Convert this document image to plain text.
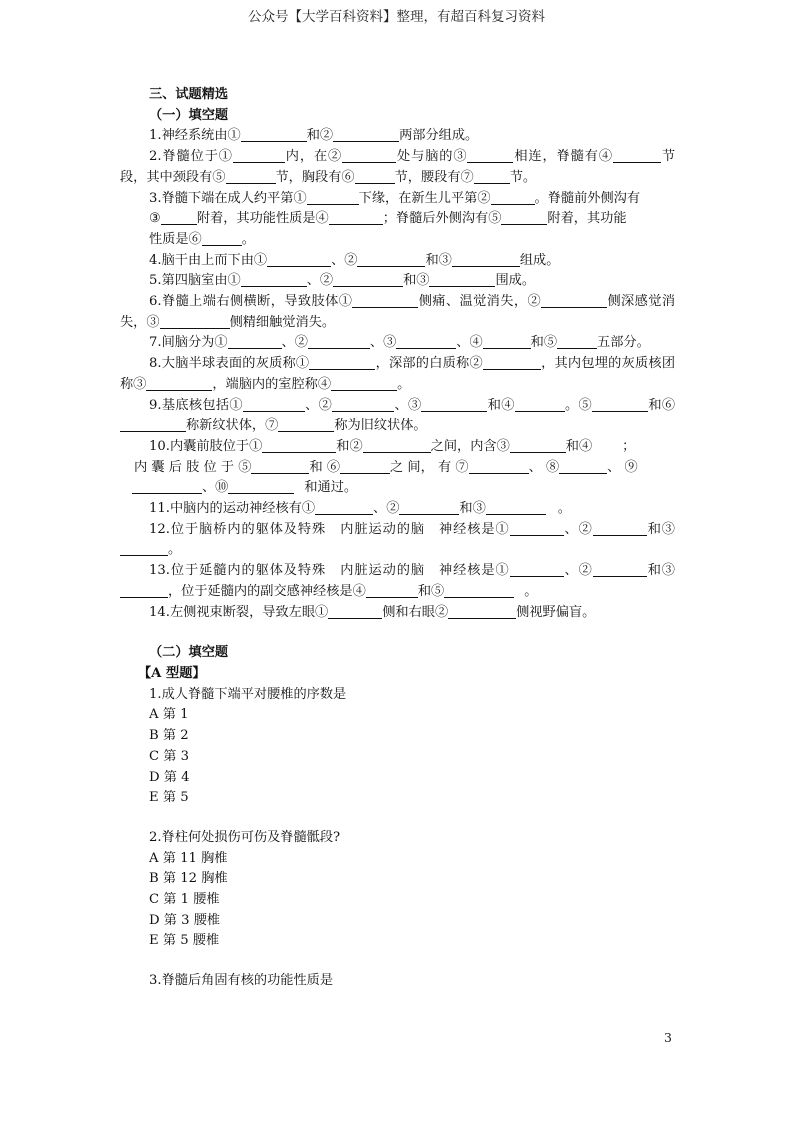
公众号【大学百科资料】整理，有超百科复习资料
三、试题精选
（一）填空题
1.神经系统由①	和②	两部分组成。
2.脊髓位于①	内，在②	处与脑的③	相连，脊髓有④	节段，其中颈段有⑤	节，胸段有⑥	节，腰段有⑦	节。
3.脊髓下端在成人约平第①	下缘，在新生儿平第②	。脊髓前外侧沟有
③	附着，其功能性质是④	；脊髓后外侧沟有⑤	附着，其功能
性质是⑥	。
4.脑干由上而下由①	、②	和③	组成。
5.第四脑室由①	、②	和③	围成。
6.脊髓上端右侧横断，导致肢体①	侧痛、温觉消失，②	侧深感觉消失，③	侧精细触觉消失。
7.间脑分为①	、②	、③	、④	和⑤	五部分。
8.大脑半球表面的灰质称①	，深部的白质称②	，其内包埋的灰质核团称③	，端脑内的室腔称④	。
9.基底核包括①	、②	、③	和④	。⑤	和⑥称新纹状体，⑦	称为旧纹状体。
10.内囊前肢位于①	和②	之间，内含③	和④ ；
内 囊 后 肢 位 于 ⑤	和 ⑥	之 间， 有 ⑦	、 ⑧	、 ⑨
、⑩	和通过。
11.中脑内的运动神经核有①	、②	和③	。
12.位于脑桥内的躯体及特殊　内脏运动的脑　神经核是①	、②	和③。
13.位于延髓内的躯体及特殊　内脏运动的脑　神经核是①	、②	和③，位于延髓内的副交感神经核是④	和⑤	。
14.左侧视束断裂，导致左眼①	侧和右眼②	侧视野偏盲。
（二）填空题
【A 型题】
1.成人脊髓下端平对腰椎的序数是
A 第 1
B 第 2
C 第 3
D 第 4
E 第 5
2.脊柱何处损伤可伤及脊髓骶段?
A 第 11 胸椎
B 第 12 胸椎
C 第 1 腰椎
D 第 3 腰椎
E 第 5 腰椎
3.脊髓后角固有核的功能性质是
3
